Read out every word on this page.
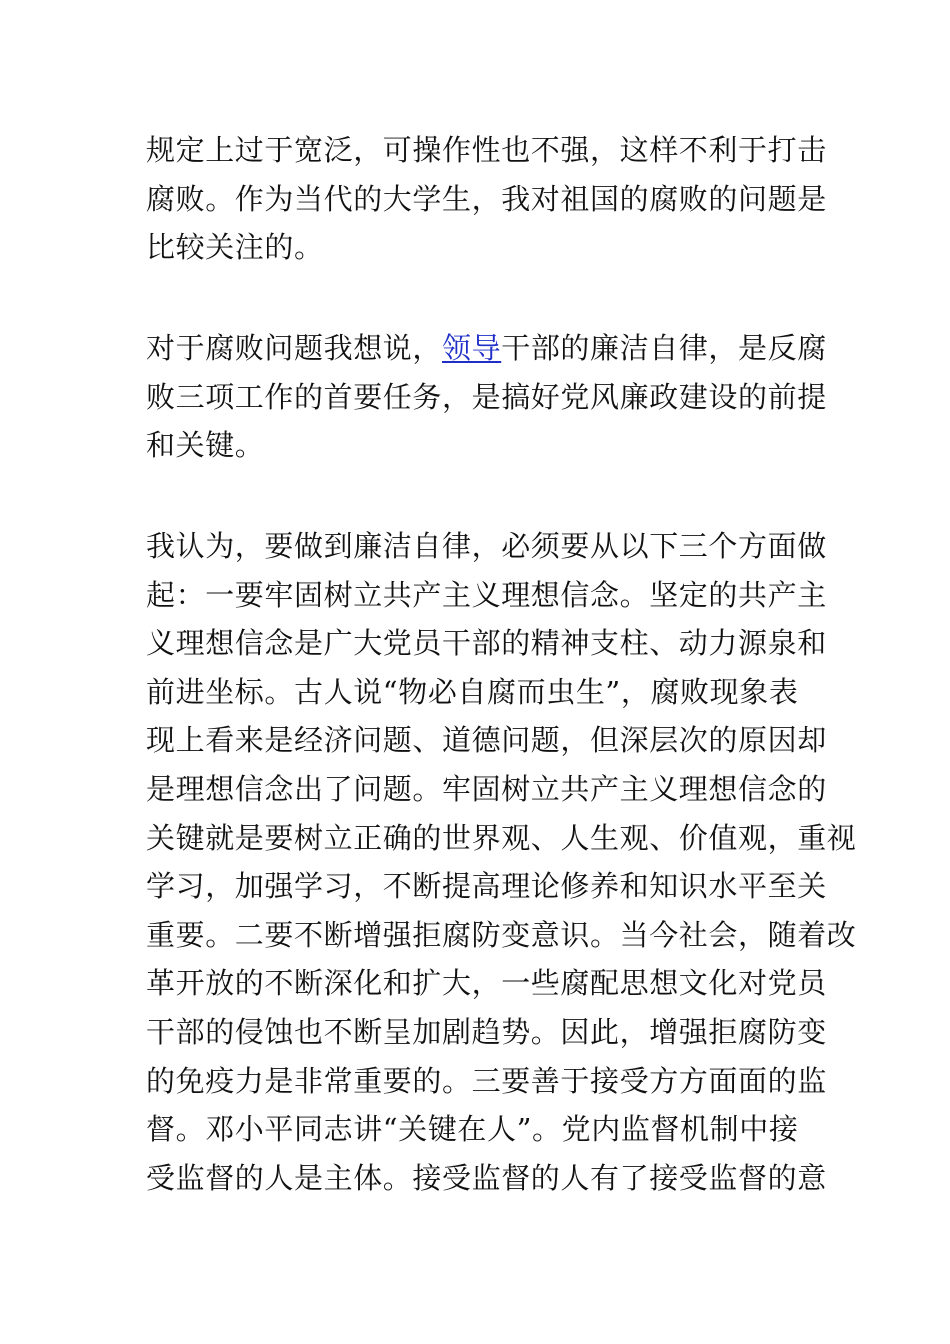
规定上过于宽泛，可操作性也不强，这样不利于打击
腐败。作为当代的大学生，我对祖国的腐败的问题是
比较关注的。

对于腐败问题我想说，领导干部的廉洁自律，是反腐
败三项工作的首要任务，是搞好党风廉政建设的前提
和关键。

我认为，要做到廉洁自律，必须要从以下三个方面做
起：一要牢固树立共产主义理想信念。坚定的共产主
义理想信念是广大党员干部的精神支柱、动力源泉和
前进坐标。古人说“物必自腐而虫生”，腐败现象表
现上看来是经济问题、道德问题，但深层次的原因却
是理想信念出了问题。牢固树立共产主义理想信念的
关键就是要树立正确的世界观、人生观、价值观，重视
学习，加强学习，不断提高理论修养和知识水平至关
重要。二要不断增强拒腐防变意识。当今社会，随着改
革开放的不断深化和扩大，一些腐配思想文化对党员
干部的侵蚀也不断呈加剧趋势。因此，增强拒腐防变
的免疫力是非常重要的。三要善于接受方方面面的监
督。邓小平同志讲“关键在人”。党内监督机制中接
受监督的人是主体。接受监督的人有了接受监督的意
